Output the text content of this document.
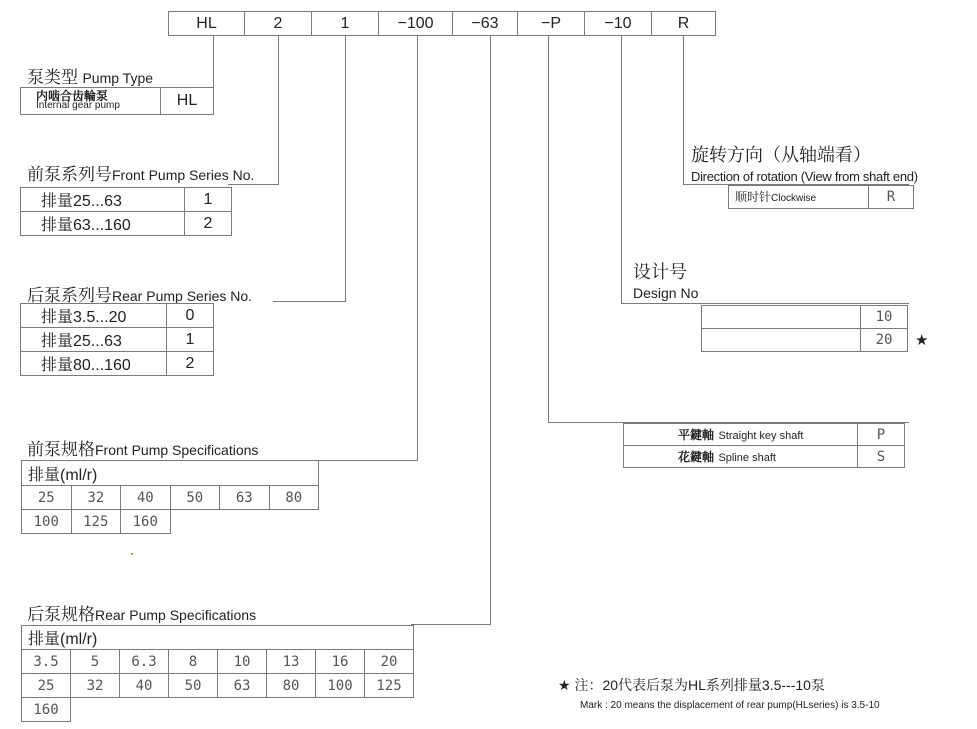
HL	2	1	−100	−63	−P	−10	R
泵类型 Pump Type
内啮合齿輪泵
Internal gear pump	HL
前泵系列号Front Pump Series No.
排量25...63	1
排量63...160	2
后泵系列号Rear Pump Series No.
排量3.5...20	0
排量25...63	1
排量80...160	2
前泵规格Front Pump Specifications
排量(ml/r)					
25	32	40	50	63	80
100	125	160			
后泵规格Rear Pump Specifications
排量(ml/r)							
3.5	5	6.3	8	10	13	16	20
25	32	40	50	63	80	100	125
160							
旋转方向（从轴端看）
Direction of rotation (View from shaft end)
顺时针Clockwise	R
设计号
Design No
	10
	20 ★
平鍵軸 Straight key shaft	P
花鍵軸 Spline shaft	S
★ 注：20代表后泵为HL系列排量3.5---10泵
Mark : 20 means the displacement of rear pump(HLseries) is 3.5-10
